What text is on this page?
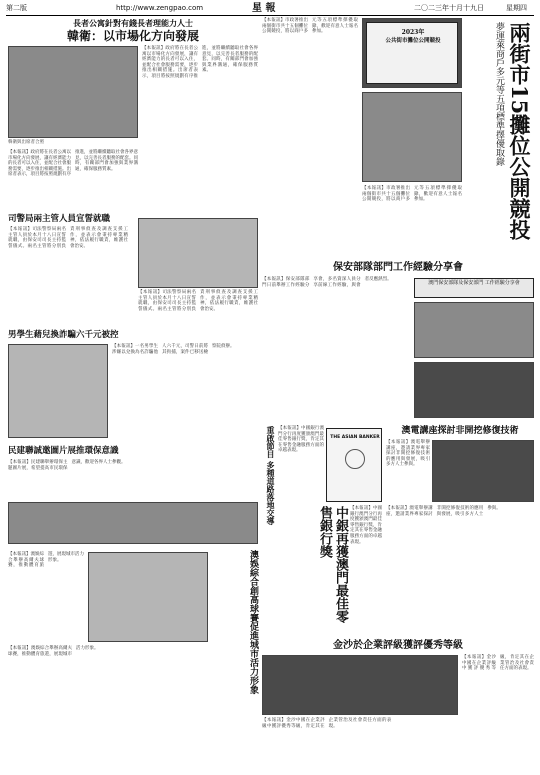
第二版	http://www.zengpao.com	星 報	二〇二三年十月十九日	星期四
長者公寓針對有錢長者理能力人士
韓衛：以市場化方向發展
韓衛與出席者合照
【本報訊】政府將在長者公寓以市場化方向發展，讓有經濟能力的長者可以入住，並配合社會服務需要，逐步推出相關措施。出席者表示，項目將按照規劃有序推進，並將繼續聽取社會各界意見，以完善長者服務的配套。同時，有關部門會加強與業界溝通，確保服務質素。
【本報訊】政府將在長者公寓以市場化方向發展，讓有經濟能力的長者可以入住，並配合社會服務需要，逐步推出相關措施。出席者表示，項目將按照規劃有序推進，並將繼續聽取社會各界意見，以完善長者服務的配套。同時，有關部門會加強與業界溝通，確保服務質素。
司警局兩主管人員宣誓就職
【本報訊】司法警察局兩名主管人員於本月十八日宣誓就職，由保安司司長主持監誓儀式。兩名主管將分別負責刑事偵查及調查支援工作，並表示會秉持專業精神，依法履行職責，維護社會治安。
【本報訊】司法警察局兩名主管人員於本月十八日宣誓就職，由保安司司長主持監誓儀式。兩名主管將分別負責刑事偵查及調查支援工作，並表示會秉持專業精神，依法履行職責，維護社會治安。
男學生藉兒換詐騙六千元被控
【本報訊】一名男學生涉嫌以兌換為名詐騙他人六千元，司警日前將其拘捕，案件已移送檢察院偵辦。
民建聯誠邀圖片展推環保意識
【本報訊】民建聯舉辦環保主題圖片展，希望提高市民環保意識，歡迎各界人士參觀。
澳娛綜合創高球賽促進城市活力形象
【本報訊】澳娛綜合舉辦高爾夫球賽，推動體育旅遊，展現城市活力形象。
【本報訊】澳娛綜合舉辦高爾夫球賽，推動體育旅遊，展現城市活力形象。
【本報訊】市政署推出兩個街市共十五個攤位公開競投，將以商戶多元等五項標準擇優取錄，歡迎有意人士報名參加。	2023年
公共街市攤位公開競投
【本報訊】市政署推出兩個街市共十五個攤位公開競投，將以商戶多元等五項標準擇優取錄，歡迎有意人士報名參加。	兩街市15攤位公開競投
夢運萊商戶多元等五項標準擇優取錄
保安部隊部門工作經驗分享會
【本報訊】保安部隊部門日前舉辦工作經驗分享會，多名資深人員分享前線工作經驗，與會者反應熱烈。
澳門保安部隊及保安部門 工作經驗分享會
重啟節目 多種道路落地交導 【本報訊】中國銀行澳門分行再度獲頒澳門最佳零售銀行獎，肯定其在零售金融服務方面的卓越表現。
THE ASIAN BANKER
中銀再獲澳門最佳零售銀行獎	【本報訊】中國銀行澳門分行再度獲頒澳門最佳零售銀行獎，肯定其在零售金融服務方面的卓越表現。
澳電講座探討非開挖修復技術
【本報訊】澳電舉辦講座，邀請業界專家探討非開挖修復技術的應用與發展，吸引多方人士參與。
【本報訊】澳電舉辦講座，邀請業界專家探討非開挖修復技術的應用與發展，吸引多方人士參與。
金沙於企業評級獲評優秀等級
【本報訊】金沙中國在企業評級中獲評優秀等級，肯定其在企業管治及社會責任方面的表現。
【本報訊】金沙中國在企業評級中獲評優秀等級，肯定其在企業管治及社會責任方面的表現。
